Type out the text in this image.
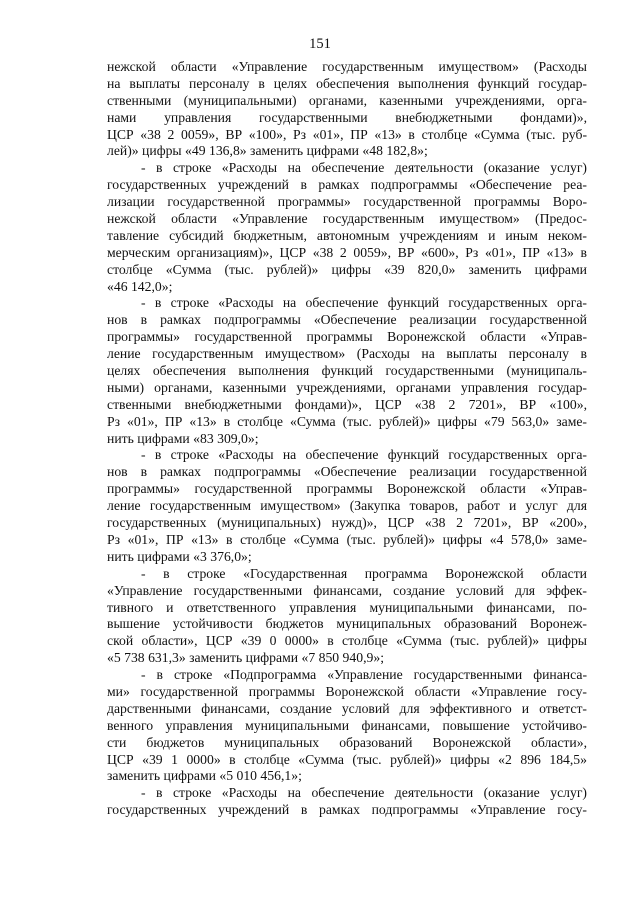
151
нежской области «Управление государственным имуществом» (Расходы
на выплаты персоналу в целях обеспечения выполнения функций государ-
ственными (муниципальными) органами, казенными учреждениями, орга-
нами управления государственными внебюджетными фондами)»,
ЦСР «38 2 0059», ВР «100», Рз «01», ПР «13» в столбце «Сумма (тыс. руб-
лей)» цифры «49 136,8» заменить цифрами «48 182,8»;
- в строке «Расходы на обеспечение деятельности (оказание услуг)
государственных учреждений в рамках подпрограммы «Обеспечение реа-
лизации государственной программы» государственной программы Воро-
нежской области «Управление государственным имуществом» (Предос-
тавление субсидий бюджетным, автономным учреждениям и иным неком-
мерческим организациям)», ЦСР «38 2 0059», ВР «600», Рз «01», ПР «13» в
столбце «Сумма (тыс. рублей)» цифры «39 820,0» заменить цифрами
«46 142,0»;
- в строке «Расходы на обеспечение функций государственных орга-
нов в рамках подпрограммы «Обеспечение реализации государственной
программы» государственной программы Воронежской области «Управ-
ление государственным имуществом» (Расходы на выплаты персоналу в
целях обеспечения выполнения функций государственными (муниципаль-
ными) органами, казенными учреждениями, органами управления государ-
ственными внебюджетными фондами)», ЦСР «38 2 7201», ВР «100»,
Рз «01», ПР «13» в столбце «Сумма (тыс. рублей)» цифры «79 563,0» заме-
нить цифрами «83 309,0»;
- в строке «Расходы на обеспечение функций государственных орга-
нов в рамках подпрограммы «Обеспечение реализации государственной
программы» государственной программы Воронежской области «Управ-
ление государственным имуществом» (Закупка товаров, работ и услуг для
государственных (муниципальных) нужд)», ЦСР «38 2 7201», ВР «200»,
Рз «01», ПР «13» в столбце «Сумма (тыс. рублей)» цифры «4 578,0» заме-
нить цифрами «3 376,0»;
- в строке «Государственная программа Воронежской области
«Управление государственными финансами, создание условий для эффек-
тивного и ответственного управления муниципальными финансами, по-
вышение устойчивости бюджетов муниципальных образований Воронеж-
ской области», ЦСР «39 0 0000» в столбце «Сумма (тыс. рублей)» цифры
«5 738 631,3» заменить цифрами «7 850 940,9»;
- в строке «Подпрограмма «Управление государственными финанса-
ми» государственной программы Воронежской области «Управление госу-
дарственными финансами, создание условий для эффективного и ответст-
венного управления муниципальными финансами, повышение устойчиво-
сти бюджетов муниципальных образований Воронежской области»,
ЦСР «39 1 0000» в столбце «Сумма (тыс. рублей)» цифры «2 896 184,5»
заменить цифрами «5 010 456,1»;
- в строке «Расходы на обеспечение деятельности (оказание услуг)
государственных учреждений в рамках подпрограммы «Управление госу-
